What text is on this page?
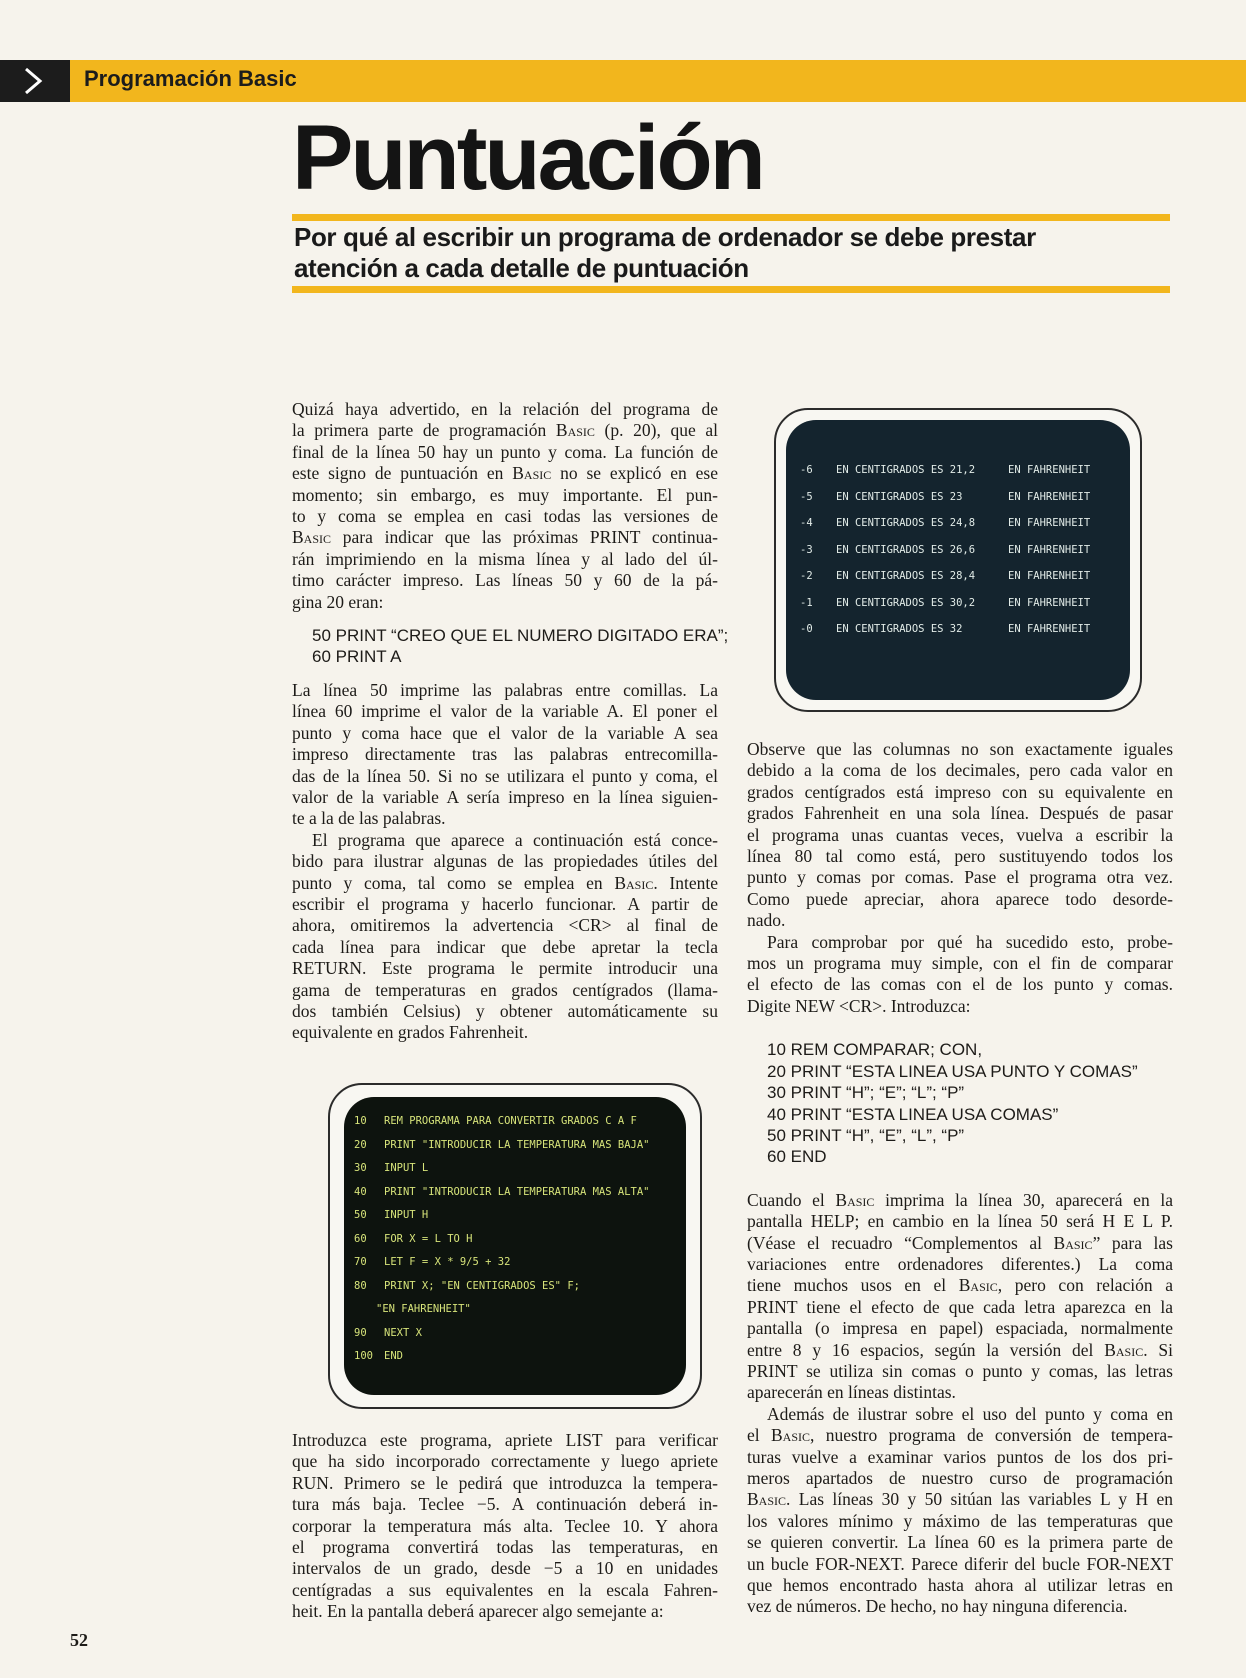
Programación Basic
Puntuación
Por qué al escribir un programa de ordenador se debe prestar
atención a cada detalle de puntuación
Quizá haya advertido, en la relación del programa de
la primera parte de programación Basic (p. 20), que al
final de la línea 50 hay un punto y coma. La función de
este signo de puntuación en Basic no se explicó en ese
momento; sin embargo, es muy importante. El pun-
to y coma se emplea en casi todas las versiones de
Basic para indicar que las próximas PRINT continua-
rán imprimiendo en la misma línea y al lado del úl-
timo carácter impreso. Las líneas 50 y 60 de la pá-
gina 20 eran:
50 PRINT “CREO QUE EL NUMERO DIGITADO ERA”;
60 PRINT A
La línea 50 imprime las palabras entre comillas. La
línea 60 imprime el valor de la variable A. El poner el
punto y coma hace que el valor de la variable A sea
impreso directamente tras las palabras entrecomilla-
das de la línea 50. Si no se utilizara el punto y coma, el
valor de la variable A sería impreso en la línea siguien-
te a la de las palabras.
El programa que aparece a continuación está conce-
bido para ilustrar algunas de las propiedades útiles del
punto y coma, tal como se emplea en Basic. Intente
escribir el programa y hacerlo funcionar. A partir de
ahora, omitiremos la advertencia <CR> al final de
cada línea para indicar que debe apretar la tecla
RETURN. Este programa le permite introducir una
gama de temperaturas en grados centígrados (llama-
dos también Celsius) y obtener automáticamente su
equivalente en grados Fahrenheit.
10 REM PROGRAMA PARA CONVERTIR GRADOS C A F
20 PRINT "INTRODUCIR LA TEMPERATURA MAS BAJA"
30 INPUT L
40 PRINT "INTRODUCIR LA TEMPERATURA MAS ALTA"
50 INPUT H
60 FOR X = L TO H
70 LET F = X * 9/5 + 32
80 PRINT X; "EN CENTIGRADOS ES" F;
"EN FAHRENHEIT"
90 NEXT X
100 END
Introduzca este programa, apriete LIST para verificar
que ha sido incorporado correctamente y luego apriete
RUN. Primero se le pedirá que introduzca la tempera-
tura más baja. Teclee −5. A continuación deberá in-
corporar la temperatura más alta. Teclee 10. Y ahora
el programa convertirá todas las temperaturas, en
intervalos de un grado, desde −5 a 10 en unidades
centígradas a sus equivalentes en la escala Fahren-
heit. En la pantalla deberá aparecer algo semejante a:
-6 EN CENTIGRADOS ES 21,2	EN FAHRENHEIT
-5 EN CENTIGRADOS ES 23	EN FAHRENHEIT
-4 EN CENTIGRADOS ES 24,8	EN FAHRENHEIT
-3 EN CENTIGRADOS ES 26,6	EN FAHRENHEIT
-2 EN CENTIGRADOS ES 28,4	EN FAHRENHEIT
-1 EN CENTIGRADOS ES 30,2	EN FAHRENHEIT
-0 EN CENTIGRADOS ES 32	EN FAHRENHEIT
Observe que las columnas no son exactamente iguales
debido a la coma de los decimales, pero cada valor en
grados centígrados está impreso con su equivalente en
grados Fahrenheit en una sola línea. Después de pasar
el programa unas cuantas veces, vuelva a escribir la
línea 80 tal como está, pero sustituyendo todos los
punto y comas por comas. Pase el programa otra vez.
Como puede apreciar, ahora aparece todo desorde-
nado.
Para comprobar por qué ha sucedido esto, probe-
mos un programa muy simple, con el fin de comparar
el efecto de las comas con el de los punto y comas.
Digite NEW <CR>. Introduzca:
10 REM COMPARAR; CON,
20 PRINT “ESTA LINEA USA PUNTO Y COMAS”
30 PRINT “H”; “E”; “L”; “P”
40 PRINT “ESTA LINEA USA COMAS”
50 PRINT “H”, “E”, “L”, “P”
60 END
Cuando el Basic imprima la línea 30, aparecerá en la
pantalla HELP; en cambio en la línea 50 será H E L P.
(Véase el recuadro “Complementos al Basic” para las
variaciones entre ordenadores diferentes.) La coma
tiene muchos usos en el Basic, pero con relación a
PRINT tiene el efecto de que cada letra aparezca en la
pantalla (o impresa en papel) espaciada, normalmente
entre 8 y 16 espacios, según la versión del Basic. Si
PRINT se utiliza sin comas o punto y comas, las letras
aparecerán en líneas distintas.
Además de ilustrar sobre el uso del punto y coma en
el Basic, nuestro programa de conversión de tempera-
turas vuelve a examinar varios puntos de los dos pri-
meros apartados de nuestro curso de programación
Basic. Las líneas 30 y 50 sitúan las variables L y H en
los valores mínimo y máximo de las temperaturas que
se quieren convertir. La línea 60 es la primera parte de
un bucle FOR-NEXT. Parece diferir del bucle FOR-NEXT
que hemos encontrado hasta ahora al utilizar letras en
vez de números. De hecho, no hay ninguna diferencia.
52
